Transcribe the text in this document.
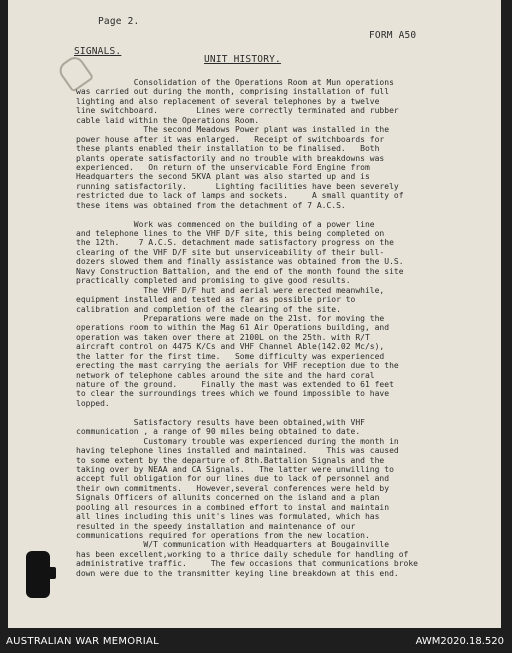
Page 2.
FORM A50
SIGNALS.
UNIT HISTORY.
Consolidation of the Operations Room at Mun operations
was carried out during the month, comprising installation of full
lighting and also replacement of several telephones by a twelve
line switchboard.        Lines were correctly terminated and rubber
cable laid within the Operations Room.
The second Meadows Power plant was installed in the
power house after it was enlarged.   Receipt of switchboards for
these plants enabled their installation to be finalised.   Both
plants operate satisfactorily and no trouble with breakdowns was
experienced.   On return of the unservicable Ford Engine from
Headquarters the second 5KVA plant was also started up and is
running satisfactorily.      Lighting facilities have been severely
restricted due to lack of lamps and sockets.     A small quantity of
these items was obtained from the detachment of 7 A.C.S.
Work was commenced on the building of a power line
and telephone lines to the VHF D/F site, this being completed on
the 12th.    7 A.C.S. detachment made satisfactory progress on the
clearing of the VHF D/F site but unserviceability of their bull-
dozers slowed them and finally assistance was obtained from the U.S.
Navy Construction Battalion, and the end of the month found the site
practically completed and promising to give good results.
The VHF D/F hut and aerial were erected meanwhile,
equipment installed and tested as far as possible prior to
calibration and completion of the clearing of the site.
Preparations were made on the 21st. for moving the
operations room to within the Mag 61 Air Operations building, and
operation was taken over there at 2100L on the 25th. with R/T
aircraft control on 4475 K/Cs and VHF Channel Able(142.02 Mc/s),
the latter for the first time.   Some difficulty was experienced
erecting the mast carrying the aerials for VHF reception due to the
network of telephone cables around the site and the hard coral
nature of the ground.     Finally the mast was extended to 61 feet
to clear the surroundings trees which we found impossible to have
lopped.
Satisfactory results have been obtained,with VHF
communication , a range of 90 miles being obtained to date.
Customary trouble was experienced during the month in
having telephone lines installed and maintained.    This was caused
to some extent by the departure of 8th.Battalion Signals and the
taking over by NEAA and CA Signals.   The latter were unwilling to
accept full obligation for our lines due to lack of personnel and
their own commitments.   However,several conferences were held by
Signals Officers of allunits concerned on the island and a plan
pooling all resources in a combined effort to instal and maintain
all lines including this unit's lines was formulated, which has
resulted in the speedy installation and maintenance of our
communications required for operations from the new location.
W/T communication with Headquarters at Bougainville
has been excellent,working to a thrice daily schedule for handling of
administrative traffic.     The few occasions that communications broke
down were due to the transmitter keying line breakdown at this end.
AUSTRALIAN WAR MEMORIAL	AWM2020.18.520
